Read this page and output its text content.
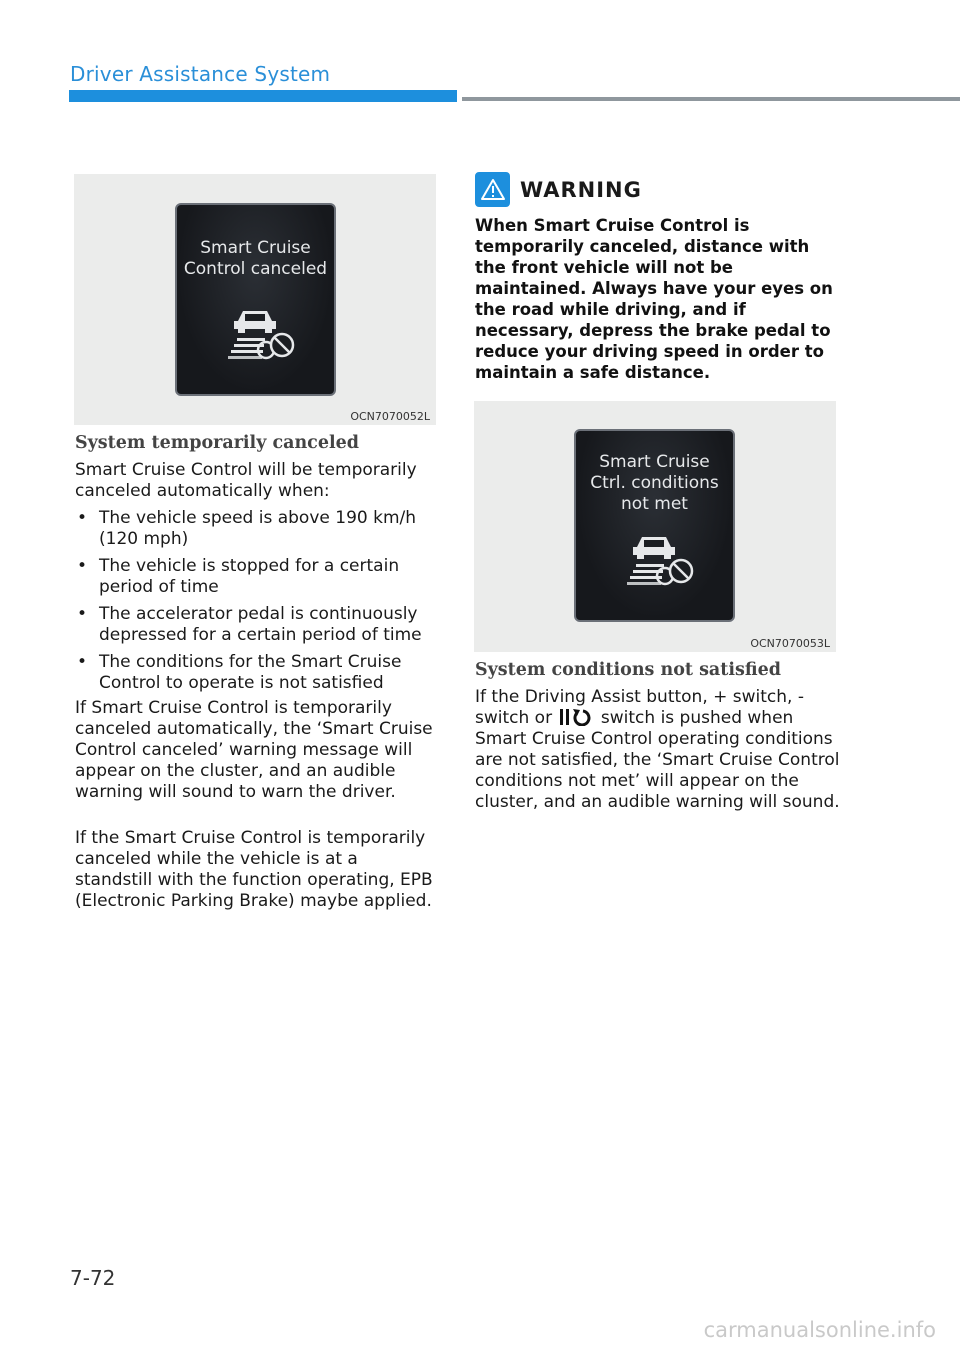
Driver Assistance System
Smart Cruise
Control canceled
OCN7070052L
System temporarily canceled

Smart Cruise Control will be temporarily canceled automatically when:

• The vehicle speed is above 190 km/h (120 mph)
• The vehicle is stopped for a certain period of time
• The accelerator pedal is continuously depressed for a certain period of time
• The conditions for the Smart Cruise Control to operate is not satisfied

If Smart Cruise Control is temporarily canceled automatically, the ‘Smart Cruise Control canceled’ warning message will appear on the cluster, and an audible warning will sound to warn the driver.

If the Smart Cruise Control is temporarily canceled while the vehicle is at a standstill with the function operating, EPB (Electronic Parking Brake) maybe applied.

WARNING

When Smart Cruise Control is temporarily canceled, distance with the front vehicle will not be maintained. Always have your eyes on the road while driving, and if necessary, depress the brake pedal to reduce your driving speed in order to maintain a safe distance.

Smart Cruise
Ctrl. conditions
not met
OCN7070053L
System conditions not satisfied

If the Driving Assist button, + switch, - switch or	switch is pushed when Smart Cruise Control operating conditions are not satisfied, the ‘Smart Cruise Control conditions not met’ will appear on the cluster, and an audible warning will sound.

7-72
carmanualsonline.info
